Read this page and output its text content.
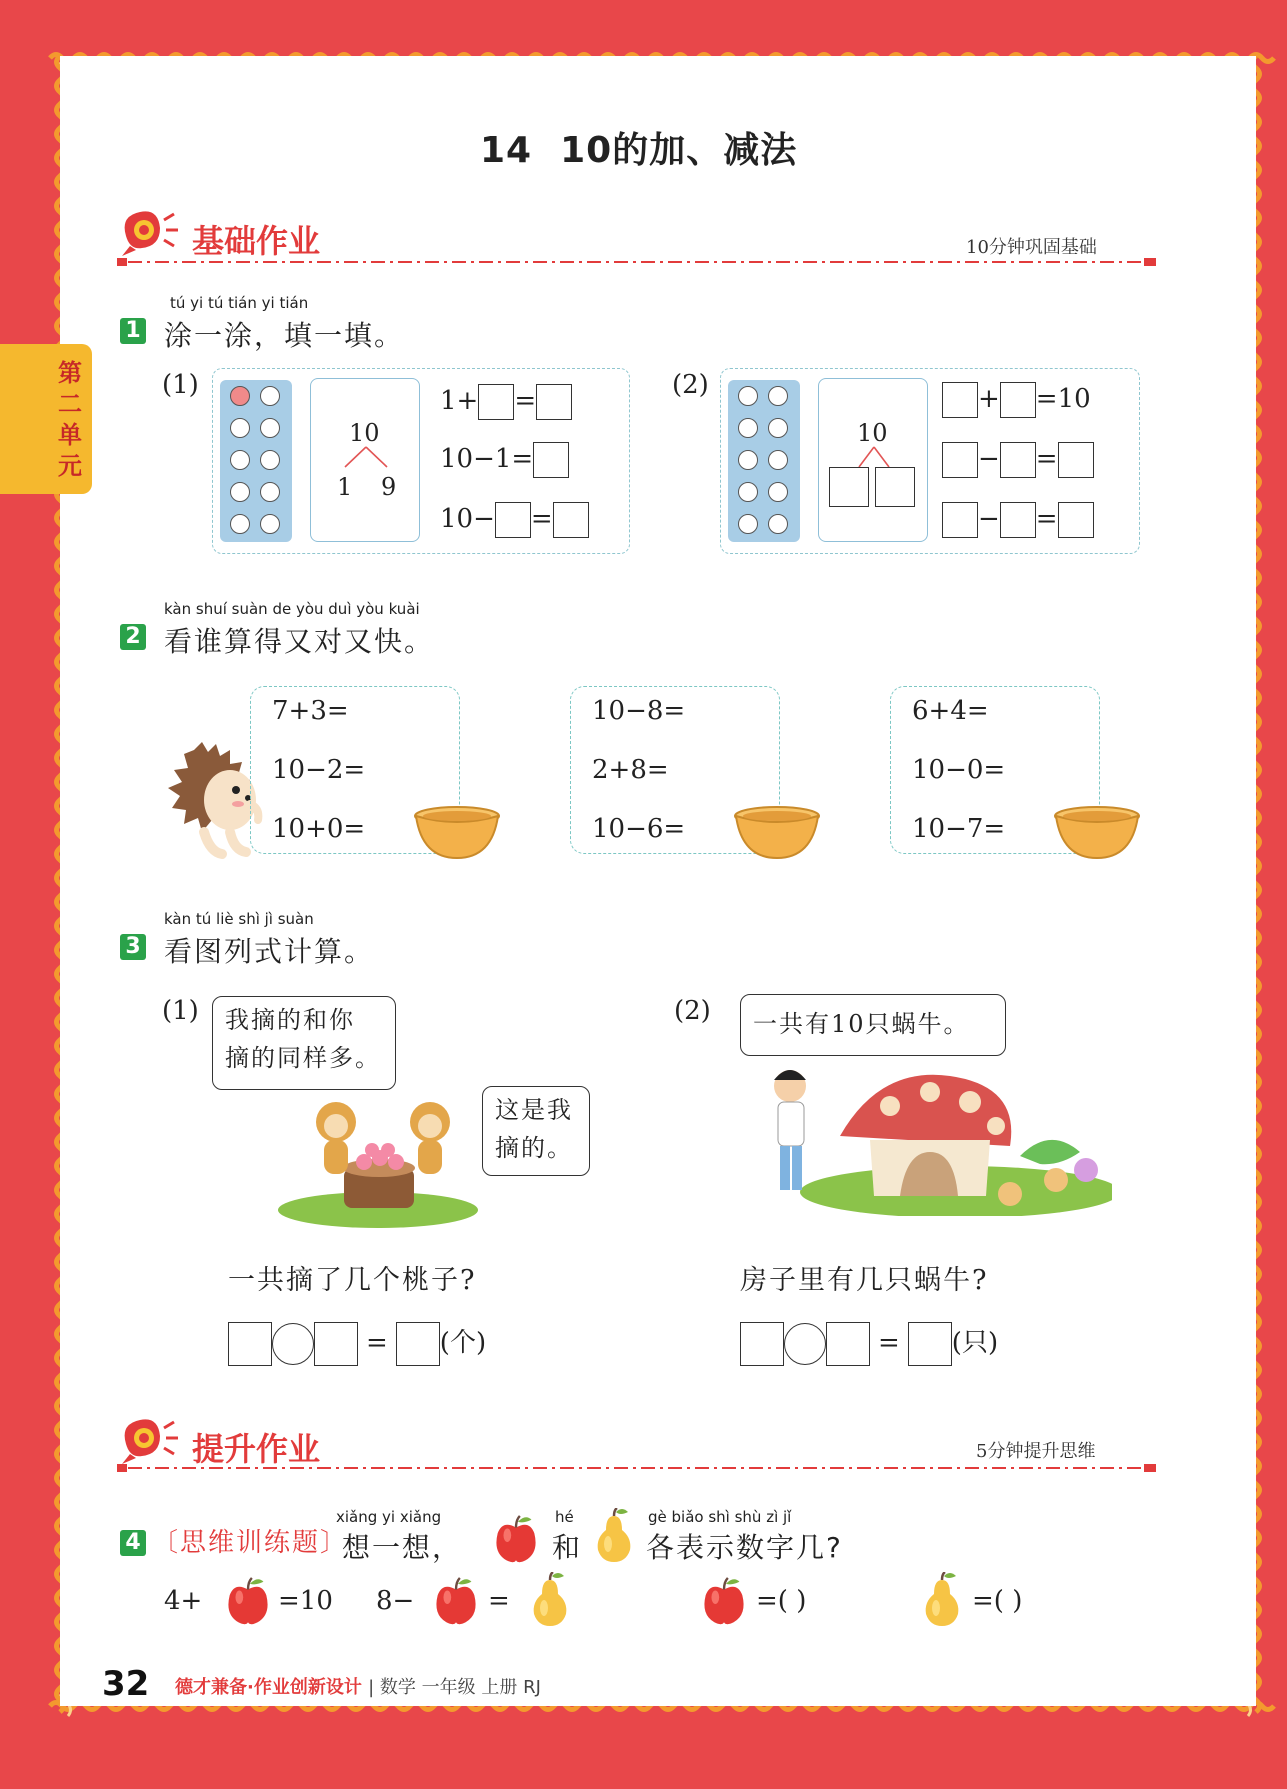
14 10的加、减法
第二单元
基础作业	10分钟巩固基础
tú yi tú tián yi tián
1 涂一涂，填一填。
(1)
10
1 9
1+ =
10−1=
10− =
(2)
10
+ =10
− =
− =
kàn shuí suàn de yòu duì yòu kuài
2 看谁算得又对又快。
7+3=
10−2=
10+0=
10−8=
2+8=
10−6=
6+4=
10−0=
10−7=
kàn tú liè shì jì suàn
3 看图列式计算。
(1) 我摘的和你
摘的同样多。
这是我
摘的。
一共摘了几个桃子?
= (个)
(2)	一共有10只蜗牛。
房子里有几只蜗牛?
= (只)
提升作业	5分钟提升思维
4 〔思维训练题〕
xiǎng yi xiǎng
想一想，
hé
和
gè biǎo shì shù zì jǐ
各表示数字几?
4+	=10 8−	=	=( )	=( )
32 德才兼备·作业创新设计 | 数学 一年级 上册 RJ
